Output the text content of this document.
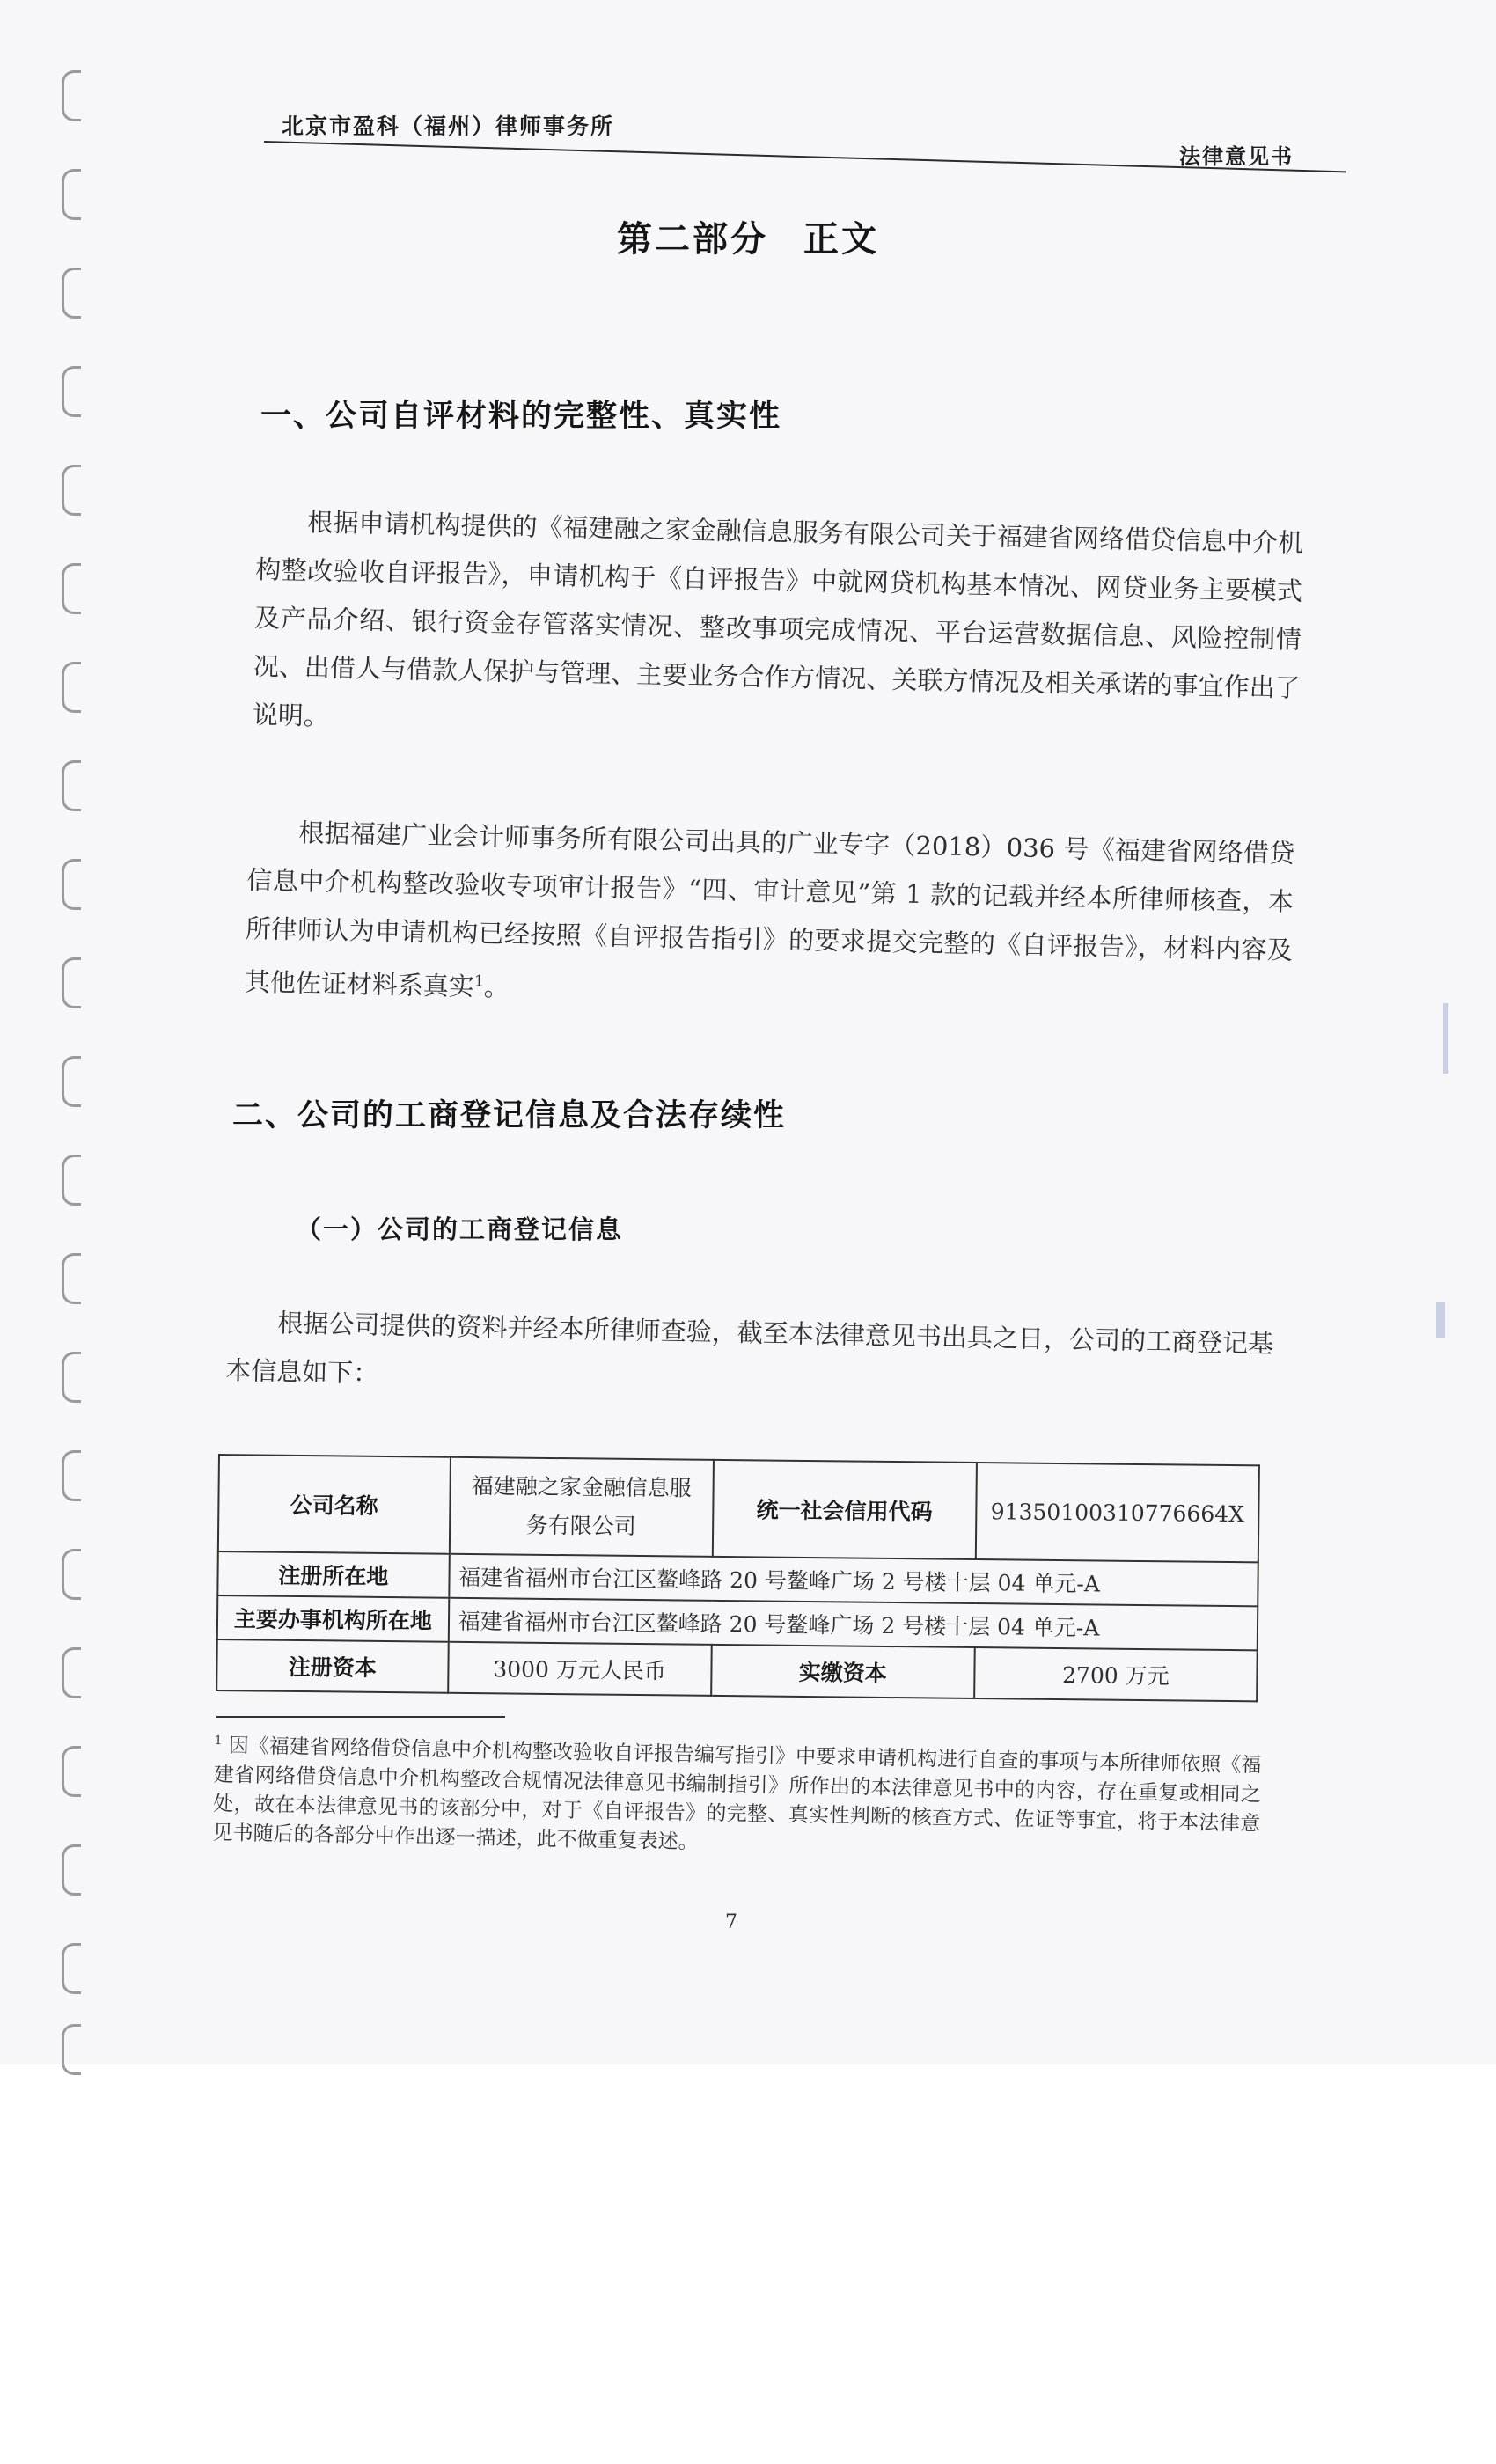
北京市盈科（福州）律师事务所
法律意见书
第二部分 正文
一、公司自评材料的完整性、真实性
根据申请机构提供的《福建融之家金融信息服务有限公司关于福建省网络借贷信息中介机构整改验收自评报告》，申请机构于《自评报告》中就网贷机构基本情况、网贷业务主要模式及产品介绍、银行资金存管落实情况、整改事项完成情况、平台运营数据信息、风险控制情况、出借人与借款人保护与管理、主要业务合作方情况、关联方情况及相关承诺的事宜作出了说明。
根据福建广业会计师事务所有限公司出具的广业专字（2018）036 号《福建省网络借贷信息中介机构整改验收专项审计报告》“四、审计意见”第 1 款的记载并经本所律师核查，本所律师认为申请机构已经按照《自评报告指引》的要求提交完整的《自评报告》，材料内容及其他佐证材料系真实$^1$。
二、公司的工商登记信息及合法存续性
（一）公司的工商登记信息
根据公司提供的资料并经本所律师查验，截至本法律意见书出具之日，公司的工商登记基本信息如下：
公司名称	福建融之家金融信息服务有限公司	统一社会信用代码	91350100310776664X
注册所在地	福建省福州市台江区鳌峰路 20 号鳌峰广场 2 号楼十层 04 单元-A		
主要办事机构所在地	福建省福州市台江区鳌峰路 20 号鳌峰广场 2 号楼十层 04 单元-A		
注册资本	3000 万元人民币	实缴资本	2700 万元
$^1$ 因《福建省网络借贷信息中介机构整改验收自评报告编写指引》中要求申请机构进行自查的事项与本所律师依照《福建省网络借贷信息中介机构整改合规情况法律意见书编制指引》所作出的本法律意见书中的内容，存在重复或相同之处，故在本法律意见书的该部分中，对于《自评报告》的完整、真实性判断的核查方式、佐证等事宜，将于本法律意见书随后的各部分中作出逐一描述，此不做重复表述。
7
